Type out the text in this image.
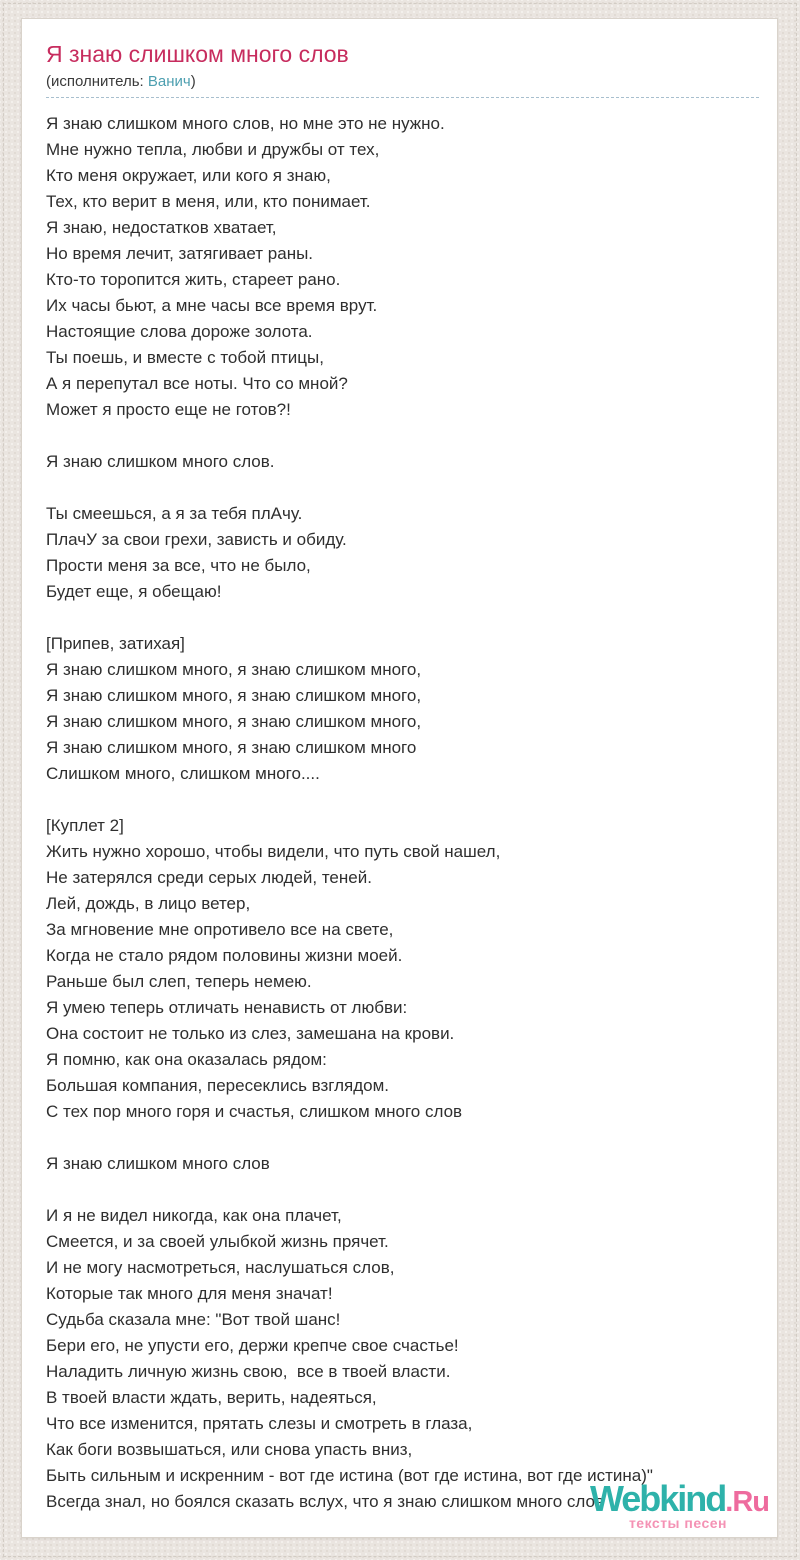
Я знаю слишком много слов
(исполнитель: Ванич)
Я знаю слишком много слов, но мне это не нужно.
Мне нужно тепла, любви и дружбы от тех,
Кто меня окружает, или кого я знаю,
Тех, кто верит в меня, или, кто понимает.
Я знаю, недостатков хватает,
Но время лечит, затягивает раны.
Кто-то торопится жить, стареет рано.
Их часы бьют, а мне часы все время врут.
Настоящие слова дороже золота.
Ты поешь, и вместе с тобой птицы,
А я перепутал все ноты. Что со мной?
Может я просто еще не готов?!
Я знаю слишком много слов.
Ты смеешься, а я за тебя плАчу.
ПлачУ за свои грехи, зависть и обиду.
Прости меня за все, что не было,
Будет еще, я обещаю!
[Припев, затихая]
Я знаю слишком много, я знаю слишком много,
Я знаю слишком много, я знаю слишком много,
Я знаю слишком много, я знаю слишком много,
Я знаю слишком много, я знаю слишком много
Слишком много, слишком много....
[Куплет 2]
Жить нужно хорошо, чтобы видели, что путь свой нашел,
Не затерялся среди серых людей, теней.
Лей, дождь, в лицо ветер,
За мгновение мне опротивело все на свете,
Когда не стало рядом половины жизни моей.
Раньше был слеп, теперь немею.
Я умею теперь отличать ненависть от любви:
Она состоит не только из слез, замешана на крови.
Я помню, как она оказалась рядом:
Большая компания, пересеклись взглядом.
С тех пор много горя и счастья, слишком много слов
Я знаю слишком много слов
И я не видел никогда, как она плачет,
Смеется, и за своей улыбкой жизнь прячет.
И не могу насмотреться, наслушаться слов,
Которые так много для меня значат!
Судьба сказала мне: "Вот твой шанс!
Бери его, не упусти его, держи крепче свое счастье!
Наладить личную жизнь свою,  все в твоей власти.
В твоей власти ждать, верить, надеяться,
Что все изменится, прятать слезы и смотреть в глаза,
Как боги возвышаться, или снова упасть вниз,
Быть сильным и искренним - вот где истина (вот где истина, вот где истина)"
Всегда знал, но боялся сказать вслух, что я знаю слишком много слов
Webkind.Ru
тексты песен
